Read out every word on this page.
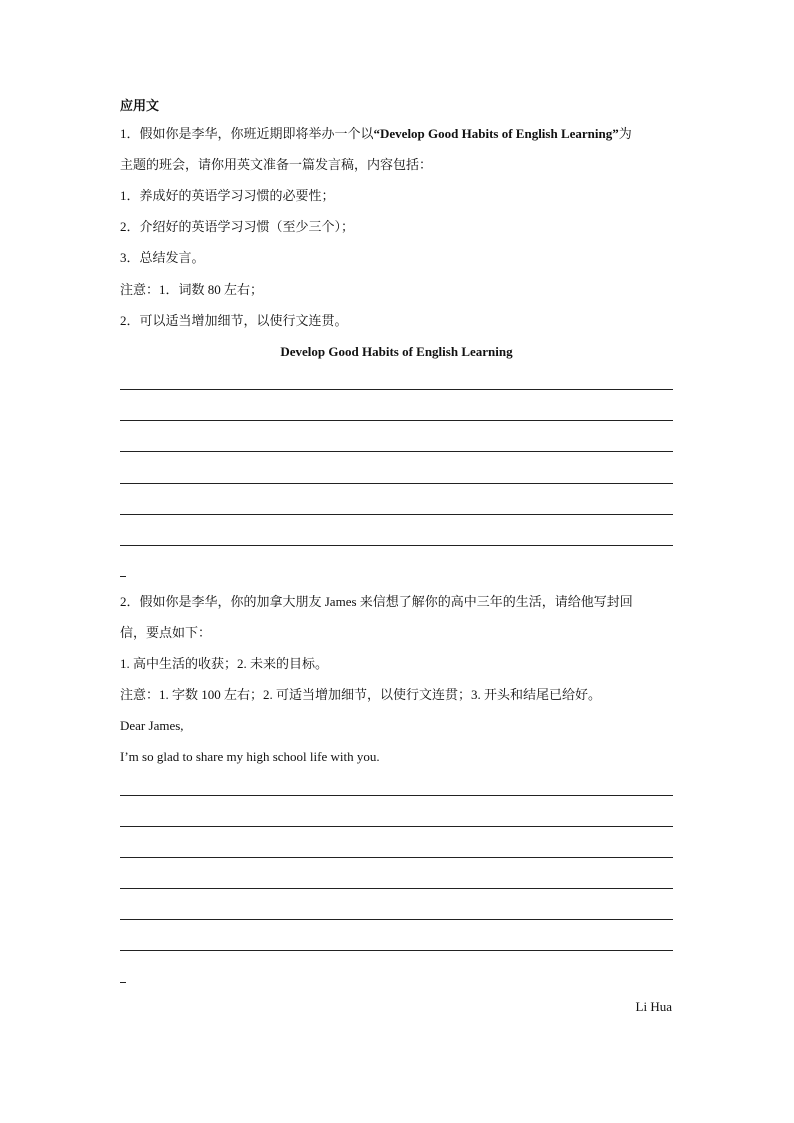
应用文
1．假如你是李华，你班近期即将举办一个以“Develop Good Habits of English Learning”为
主题的班会，请你用英文准备一篇发言稿，内容包括：
1．养成好的英语学习习惯的必要性；
2．介绍好的英语学习习惯（至少三个）；
3．总结发言。
注意：1．词数 80 左右；
2．可以适当增加细节，以使行文连贯。
Develop Good Habits of English Learning
2．假如你是李华，你的加拿大朋友 James 来信想了解你的高中三年的生活，请给他写封回
信，要点如下：
1. 高中生活的收获；2. 未来的目标。
注意：1. 字数 100 左右；2. 可适当增加细节，以使行文连贯；3. 开头和结尾已给好。
Dear James,
I’m so glad to share my high school life with you.
Li Hua
